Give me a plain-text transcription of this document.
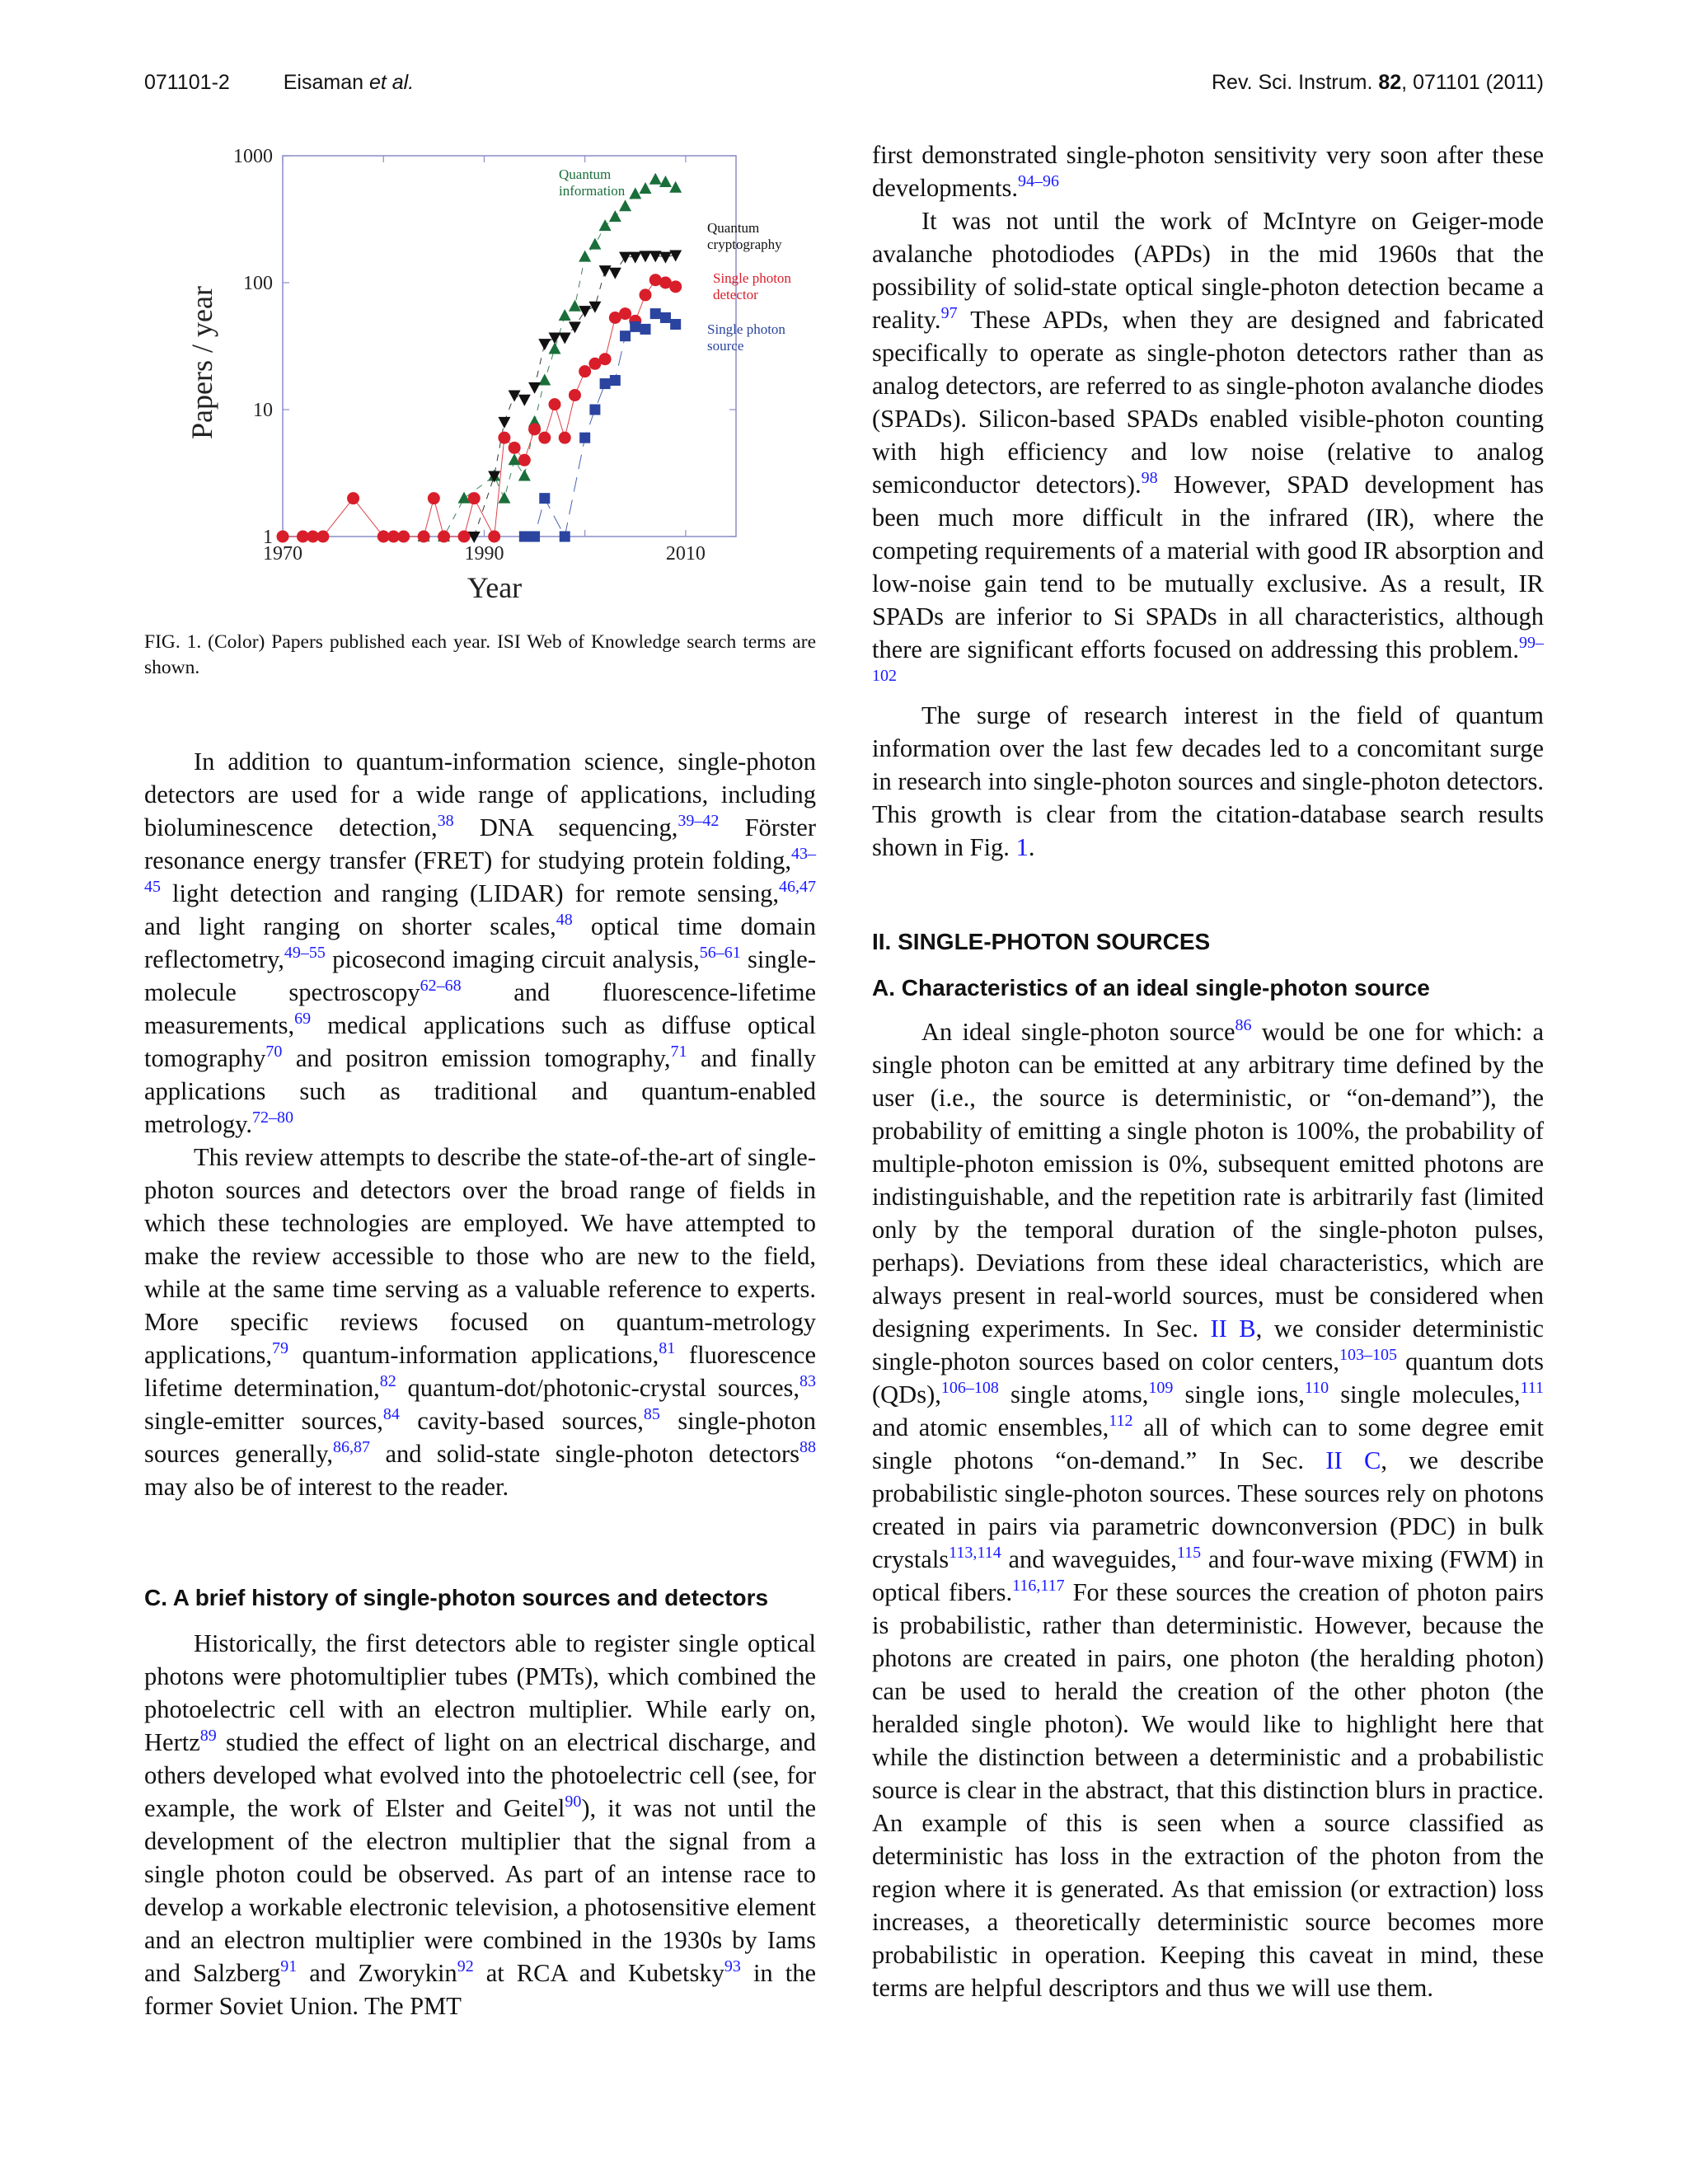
071101-2	Eisaman et al.	Rev. Sci. Instrum. 82, 071101 (2011)
1970	1990	2010
1
10
100
1000
Year
Papers / year
Quantum
information
Quantum
cryptography
Single photon
detector
Single photon
source
FIG. 1. (Color) Papers published each year. ISI Web of Knowledge search terms are shown.

In addition to quantum-information science, single-photon detectors are used for a wide range of applications, including bioluminescence detection,$^{38}$ DNA sequencing,$^{39-42}$ Förster resonance energy transfer (FRET) for studying protein folding,$^{43-45}$ light detection and ranging (LIDAR) for remote sensing,$^{46,47}$ and light ranging on shorter scales,$^{48}$ optical time domain reflectometry,$^{49-55}$ picosecond imaging circuit analysis,$^{56-61}$ single-molecule spectroscopy$^{62-68}$ and fluorescence-lifetime measurements,$^{69}$ medical applications such as diffuse optical tomography$^{70}$ and positron emission tomography,$^{71}$ and finally applications such as traditional and quantum-enabled metrology.$^{72-80}$

This review attempts to describe the state-of-the-art of single-photon sources and detectors over the broad range of fields in which these technologies are employed. We have attempted to make the review accessible to those who are new to the field, while at the same time serving as a valuable reference to experts. More specific reviews focused on quantum-metrology applications,$^{79}$ quantum-information applications,$^{81}$ fluorescence lifetime determination,$^{82}$ quantum-dot/photonic-crystal sources,$^{83}$ single-emitter sources,$^{84}$ cavity-based sources,$^{85}$ single-photon sources generally,$^{86,87}$ and solid-state single-photon detectors$^{88}$ may also be of interest to the reader.

C. A brief history of single-photon sources and detectors

Historically, the first detectors able to register single optical photons were photomultiplier tubes (PMTs), which combined the photoelectric cell with an electron multiplier. While early on, Hertz$^{89}$ studied the effect of light on an electrical discharge, and others developed what evolved into the photoelectric cell (see, for example, the work of Elster and Geitel$^{90}$), it was not until the development of the electron multiplier that the signal from a single photon could be observed. As part of an intense race to develop a workable electronic television, a photosensitive element and an electron multiplier were combined in the 1930s by Iams and Salzberg$^{91}$ and Zworykin$^{92}$ at RCA and Kubetsky$^{93}$ in the former Soviet Union. The PMT

first demonstrated single-photon sensitivity very soon after these developments.$^{94-96}$

It was not until the work of McIntyre on Geiger-mode avalanche photodiodes (APDs) in the mid 1960s that the possibility of solid-state optical single-photon detection became a reality.$^{97}$ These APDs, when they are designed and fabricated specifically to operate as single-photon detectors rather than as analog detectors, are referred to as single-photon avalanche diodes (SPADs). Silicon-based SPADs enabled visible-photon counting with high efficiency and low noise (relative to analog semiconductor detectors).$^{98}$ However, SPAD development has been much more difficult in the infrared (IR), where the competing requirements of a material with good IR absorption and low-noise gain tend to be mutually exclusive. As a result, IR SPADs are inferior to Si SPADs in all characteristics, although there are significant efforts focused on addressing this problem.$^{99-102}$

The surge of research interest in the field of quantum information over the last few decades led to a concomitant surge in research into single-photon sources and single-photon detectors. This growth is clear from the citation-database search results shown in Fig. 1.

II. SINGLE-PHOTON SOURCES
A. Characteristics of an ideal single-photon source

An ideal single-photon source$^{86}$ would be one for which: a single photon can be emitted at any arbitrary time defined by the user (i.e., the source is deterministic, or “on-demand”), the probability of emitting a single photon is 100%, the probability of multiple-photon emission is 0%, subsequent emitted photons are indistinguishable, and the repetition rate is arbitrarily fast (limited only by the temporal duration of the single-photon pulses, perhaps). Deviations from these ideal characteristics, which are always present in real-world sources, must be considered when designing experiments. In Sec. II B, we consider deterministic single-photon sources based on color centers,$^{103-105}$ quantum dots (QDs),$^{106-108}$ single atoms,$^{109}$ single ions,$^{110}$ single molecules,$^{111}$ and atomic ensembles,$^{112}$ all of which can to some degree emit single photons “on-demand.” In Sec. II C, we describe probabilistic single-photon sources. These sources rely on photons created in pairs via parametric downconversion (PDC) in bulk crystals$^{113,114}$ and waveguides,$^{115}$ and four-wave mixing (FWM) in optical fibers.$^{116,117}$ For these sources the creation of photon pairs is probabilistic, rather than deterministic. However, because the photons are created in pairs, one photon (the heralding photon) can be used to herald the creation of the other photon (the heralded single photon). We would like to highlight here that while the distinction between a deterministic and a probabilistic source is clear in the abstract, that this distinction blurs in practice. An example of this is seen when a source classified as deterministic has loss in the extraction of the photon from the region where it is generated. As that emission (or extraction) loss increases, a theoretically deterministic source becomes more probabilistic in operation. Keeping this caveat in mind, these terms are helpful descriptors and thus we will use them.
